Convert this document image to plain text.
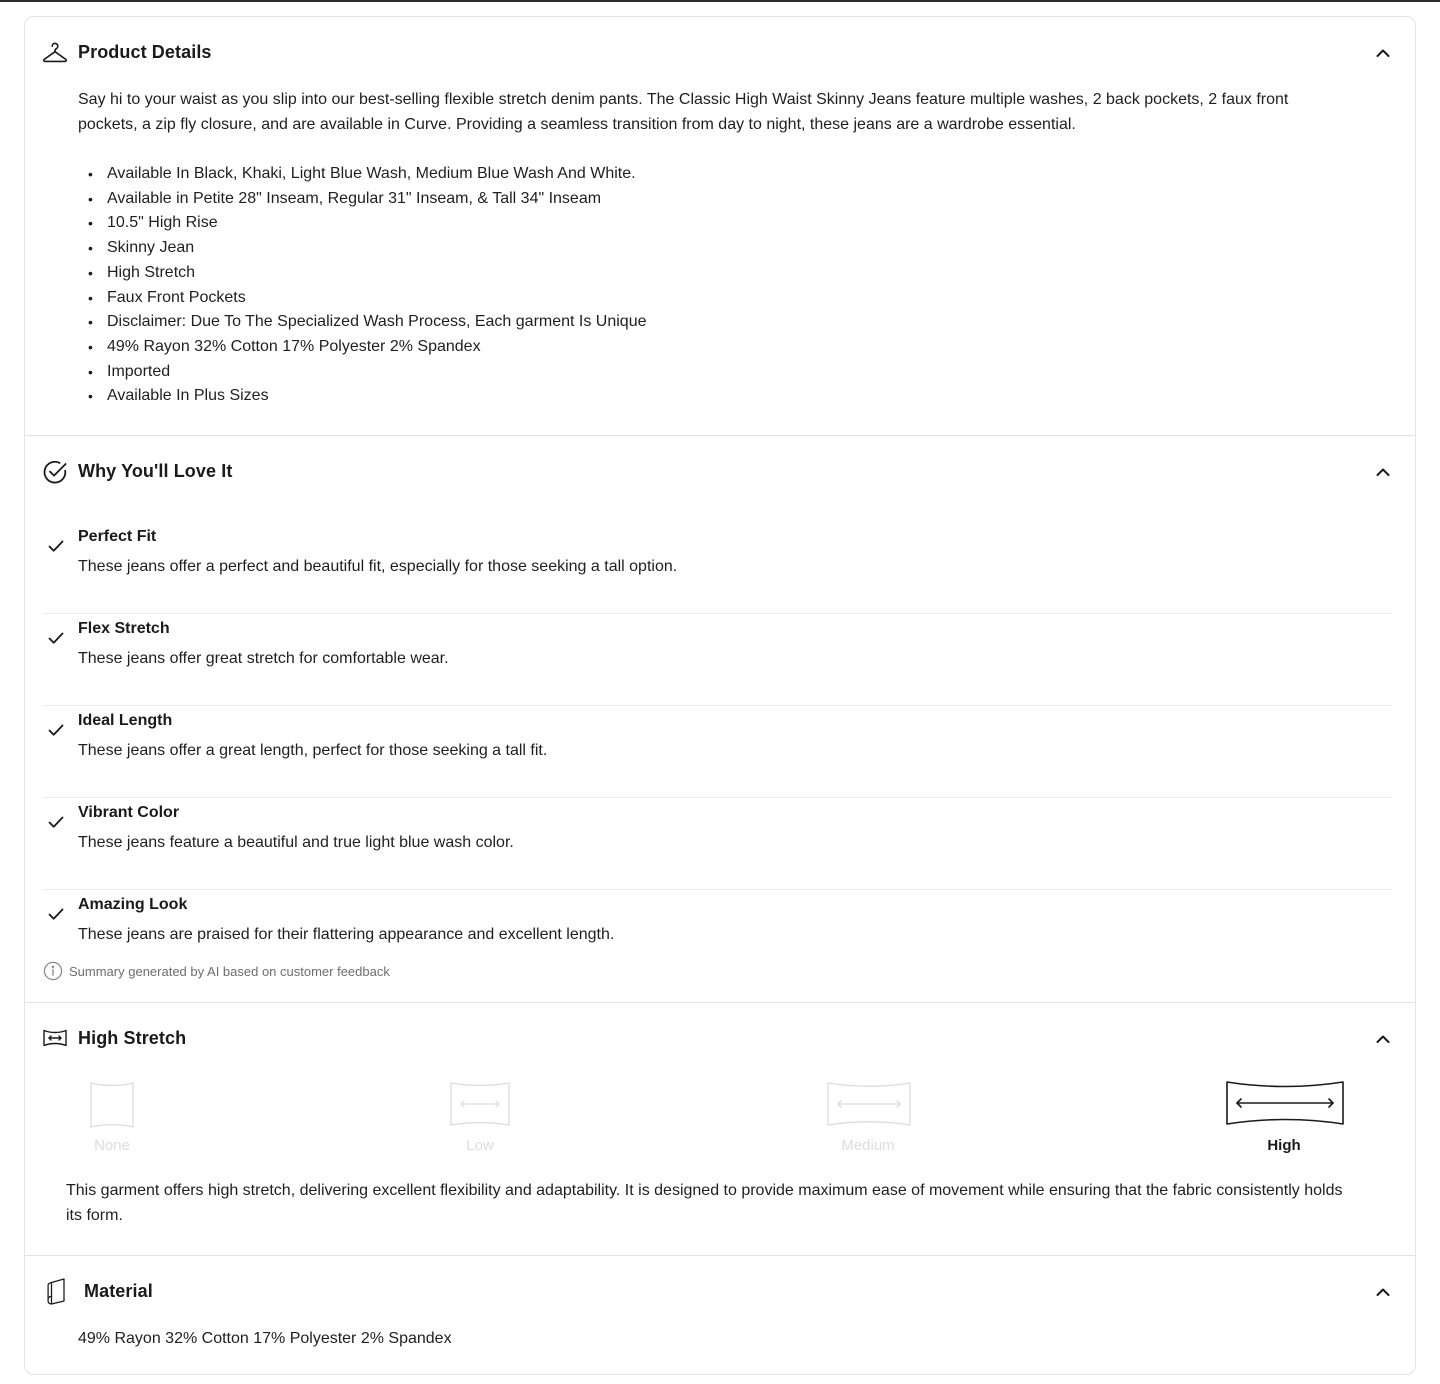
Product Details
Say hi to your waist as you slip into our best-selling flexible stretch denim pants. The Classic High Waist Skinny Jeans feature multiple washes, 2 back pockets, 2 faux front pockets, a zip fly closure, and are available in Curve. Providing a seamless transition from day to night, these jeans are a wardrobe essential.
• Available In Black, Khaki, Light Blue Wash, Medium Blue Wash And White.
• Available in Petite 28" Inseam, Regular 31" Inseam, & Tall 34" Inseam
• 10.5" High Rise
• Skinny Jean
• High Stretch
• Faux Front Pockets
• Disclaimer: Due To The Specialized Wash Process, Each garment Is Unique
• 49% Rayon 32% Cotton 17% Polyester 2% Spandex
• Imported
• Available In Plus Sizes
Why You'll Love It
Perfect Fit
These jeans offer a perfect and beautiful fit, especially for those seeking a tall option.
Flex Stretch
These jeans offer great stretch for comfortable wear.
Ideal Length
These jeans offer a great length, perfect for those seeking a tall fit.
Vibrant Color
These jeans feature a beautiful and true light blue wash color.
Amazing Look
These jeans are praised for their flattering appearance and excellent length.
Summary generated by AI based on customer feedback
High Stretch
None	Low	Medium	High
This garment offers high stretch, delivering excellent flexibility and adaptability. It is designed to provide maximum ease of movement while ensuring that the fabric consistently holds its form.
Material
49% Rayon 32% Cotton 17% Polyester 2% Spandex
